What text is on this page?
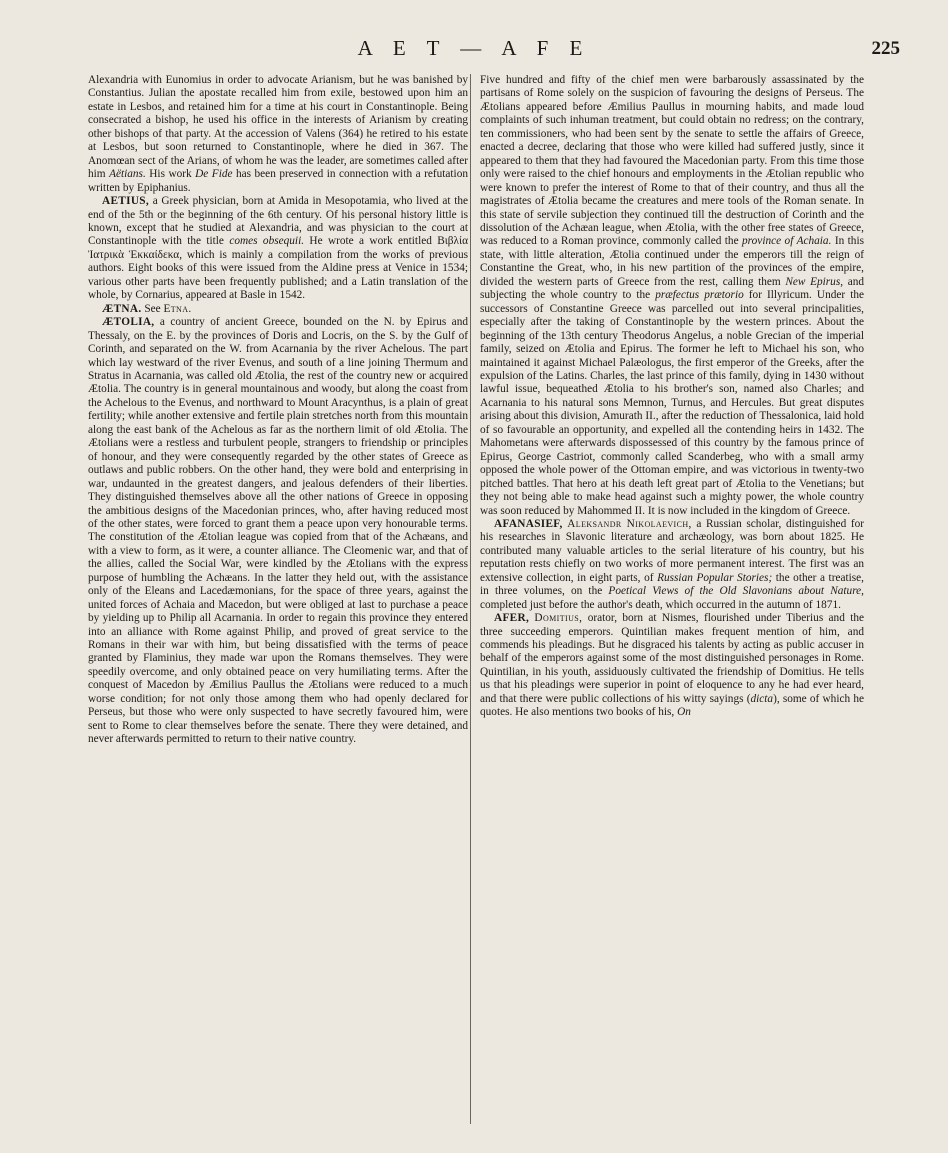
A E T — A F E	225

Alexandria with Eunomius in order to advocate Arianism, but he was banished by Constantius. Julian the apostate recalled him from exile, bestowed upon him an estate in Lesbos, and retained him for a time at his court in Constantinople. Being consecrated a bishop, he used his office in the interests of Arianism by creating other bishops of that party. At the accession of Valens (364) he retired to his estate at Lesbos, but soon returned to Constantinople, where he died in 367. The Anomœan sect of the Arians, of whom he was the leader, are sometimes called after him Aëtians. His work De Fide has been preserved in connection with a refutation written by Epiphanius.

AETIUS, a Greek physician, born at Amida in Mesopotamia, who lived at the end of the 5th or the beginning of the 6th century. Of his personal history little is known, except that he studied at Alexandria, and was physician to the court at Constantinople with the title comes obsequii. He wrote a work entitled Βιβλία Ἰατρικὰ Ἑκκαίδεκα, which is mainly a compilation from the works of previous authors. Eight books of this were issued from the Aldine press at Venice in 1534; various other parts have been frequently published; and a Latin translation of the whole, by Cornarius, appeared at Basle in 1542.

ÆTNA. See Etna.

ÆTOLIA, a country of ancient Greece, bounded on the N. by Epirus and Thessaly, on the E. by the provinces of Doris and Locris, on the S. by the Gulf of Corinth, and separated on the W. from Acarnania by the river Achelous. The part which lay westward of the river Evenus, and south of a line joining Thermum and Stratus in Acarnania, was called old Ætolia, the rest of the country new or acquired Ætolia. The country is in general mountainous and woody, but along the coast from the Achelous to the Evenus, and northward to Mount Aracynthus, is a plain of great fertility; while another extensive and fertile plain stretches north from this mountain along the east bank of the Achelous as far as the northern limit of old Ætolia. The Ætolians were a restless and turbulent people, strangers to friendship or principles of honour, and they were consequently regarded by the other states of Greece as outlaws and public robbers. On the other hand, they were bold and enterprising in war, undaunted in the greatest dangers, and jealous defenders of their liberties. They distinguished themselves above all the other nations of Greece in opposing the ambitious designs of the Macedonian princes, who, after having reduced most of the other states, were forced to grant them a peace upon very honourable terms. The constitution of the Ætolian league was copied from that of the Achæans, and with a view to form, as it were, a counter alliance. The Cleomenic war, and that of the allies, called the Social War, were kindled by the Ætolians with the express purpose of humbling the Achæans. In the latter they held out, with the assistance only of the Eleans and Lacedæmonians, for the space of three years, against the united forces of Achaia and Macedon, but were obliged at last to purchase a peace by yielding up to Philip all Acarnania. In order to regain this province they entered into an alliance with Rome against Philip, and proved of great service to the Romans in their war with him, but being dissatisfied with the terms of peace granted by Flaminius, they made war upon the Romans themselves. They were speedily overcome, and only obtained peace on very humiliating terms. After the conquest of Macedon by Æmilius Paullus the Ætolians were reduced to a much worse condition; for not only those among them who had openly declared for Perseus, but those who were only suspected to have secretly favoured him, were sent to Rome to clear themselves before the senate. There they were detained, and never afterwards permitted to return to their native country.

Five hundred and fifty of the chief men were barbarously assassinated by the partisans of Rome solely on the suspicion of favouring the designs of Perseus. The Ætolians appeared before Æmilius Paullus in mourning habits, and made loud complaints of such inhuman treatment, but could obtain no redress; on the contrary, ten commissioners, who had been sent by the senate to settle the affairs of Greece, enacted a decree, declaring that those who were killed had suffered justly, since it appeared to them that they had favoured the Macedonian party. From this time those only were raised to the chief honours and employments in the Ætolian republic who were known to prefer the interest of Rome to that of their country, and thus all the magistrates of Ætolia became the creatures and mere tools of the Roman senate. In this state of servile subjection they continued till the destruction of Corinth and the dissolution of the Achæan league, when Ætolia, with the other free states of Greece, was reduced to a Roman province, commonly called the province of Achaia. In this state, with little alteration, Ætolia continued under the emperors till the reign of Constantine the Great, who, in his new partition of the provinces of the empire, divided the western parts of Greece from the rest, calling them New Epirus, and subjecting the whole country to the præfectus prætorio for Illyricum. Under the successors of Constantine Greece was parcelled out into several principalities, especially after the taking of Constantinople by the western princes. About the beginning of the 13th century Theodorus Angelus, a noble Grecian of the imperial family, seized on Ætolia and Epirus. The former he left to Michael his son, who maintained it against Michael Palæologus, the first emperor of the Greeks, after the expulsion of the Latins. Charles, the last prince of this family, dying in 1430 without lawful issue, bequeathed Ætolia to his brother's son, named also Charles; and Acarnania to his natural sons Memnon, Turnus, and Hercules. But great disputes arising about this division, Amurath II., after the reduction of Thessalonica, laid hold of so favourable an opportunity, and expelled all the contending heirs in 1432. The Mahometans were afterwards dispossessed of this country by the famous prince of Epirus, George Castriot, commonly called Scanderbeg, who with a small army opposed the whole power of the Ottoman empire, and was victorious in twenty-two pitched battles. That hero at his death left great part of Ætolia to the Venetians; but they not being able to make head against such a mighty power, the whole country was soon reduced by Mahommed II. It is now included in the kingdom of Greece.

AFANASIEF, Aleksandr Nikolaevich, a Russian scholar, distinguished for his researches in Slavonic literature and archæology, was born about 1825. He contributed many valuable articles to the serial literature of his country, but his reputation rests chiefly on two works of more permanent interest. The first was an extensive collection, in eight parts, of Russian Popular Stories; the other a treatise, in three volumes, on the Poetical Views of the Old Slavonians about Nature, completed just before the author's death, which occurred in the autumn of 1871.

AFER, Domitius, orator, born at Nismes, flourished under Tiberius and the three succeeding emperors. Quintilian makes frequent mention of him, and commends his pleadings. But he disgraced his talents by acting as public accuser in behalf of the emperors against some of the most distinguished personages in Rome. Quintilian, in his youth, assiduously cultivated the friendship of Domitius. He tells us that his pleadings were superior in point of eloquence to any he had ever heard, and that there were public collections of his witty sayings (dicta), some of which he quotes. He also mentions two books of his, On
